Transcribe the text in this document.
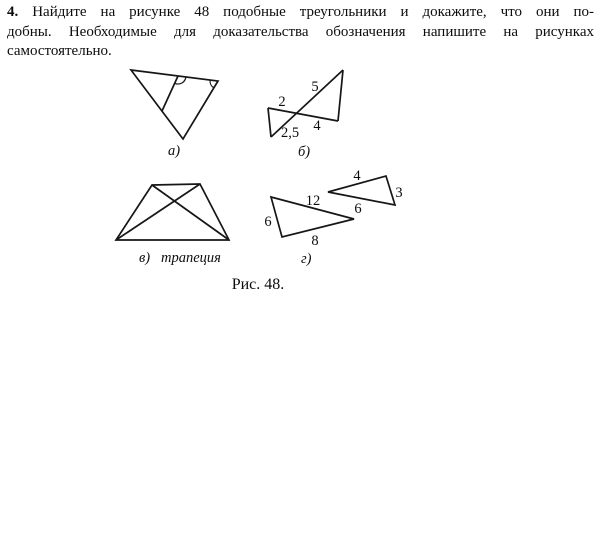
4. Найдите на рисунке 48 подобные треугольники и докажите, что они по-
добны. Необходимые для доказательства обозначения напишите на рисунках
самостоятельно.
а)
5
2
2,5 4
б)
в) трапеция
12
6
8
4
3
6
г)
Рис. 48.
